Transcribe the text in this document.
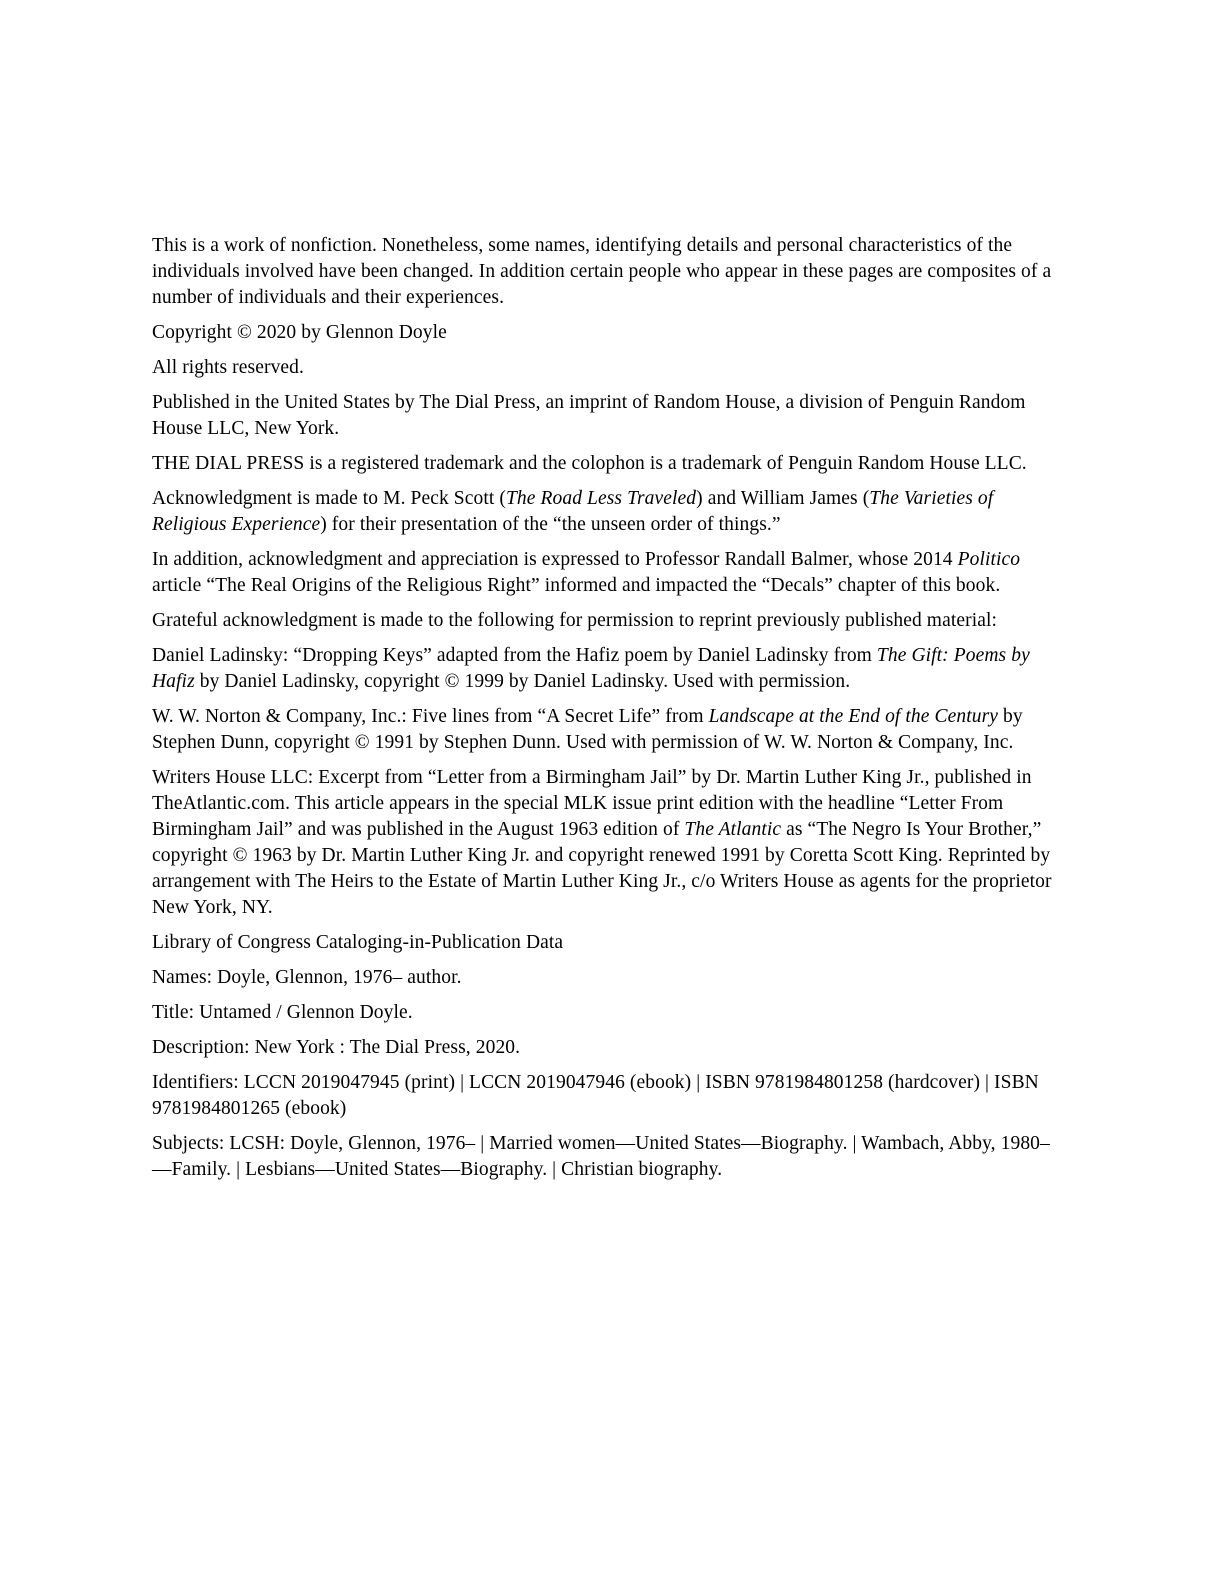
This is a work of nonfiction. Nonetheless, some names, identifying details and personal characteristics of the individuals involved have been changed. In addition certain people who appear in these pages are composites of a number of individuals and their experiences.

Copyright © 2020 by Glennon Doyle

All rights reserved.

Published in the United States by The Dial Press, an imprint of Random House, a division of Penguin Random House LLC, New York.

THE DIAL PRESS is a registered trademark and the colophon is a trademark of Penguin Random House LLC.

Acknowledgment is made to M. Peck Scott (The Road Less Traveled) and William James (The Varieties of Religious Experience) for their presentation of the “the unseen order of things.”

In addition, acknowledgment and appreciation is expressed to Professor Randall Balmer, whose 2014 Politico article “The Real Origins of the Religious Right” informed and impacted the “Decals” chapter of this book.

Grateful acknowledgment is made to the following for permission to reprint previously published material:

Daniel Ladinsky: “Dropping Keys” adapted from the Hafiz poem by Daniel Ladinsky from The Gift: Poems by Hafiz by Daniel Ladinsky, copyright © 1999 by Daniel Ladinsky. Used with permission.

W. W. Norton & Company, Inc.: Five lines from “A Secret Life” from Landscape at the End of the Century by Stephen Dunn, copyright © 1991 by Stephen Dunn. Used with permission of W. W. Norton & Company, Inc.

Writers House LLC: Excerpt from “Letter from a Birmingham Jail” by Dr. Martin Luther King Jr., published in TheAtlantic.com. This article appears in the special MLK issue print edition with the headline “Letter From Birmingham Jail” and was published in the August 1963 edition of The Atlantic as “The Negro Is Your Brother,” copyright © 1963 by Dr. Martin Luther King Jr. and copyright renewed 1991 by Coretta Scott King. Reprinted by arrangement with The Heirs to the Estate of Martin Luther King Jr., c/o Writers House as agents for the proprietor New York, NY.

Library of Congress Cataloging-in-Publication Data

Names: Doyle, Glennon, 1976– author.

Title: Untamed / Glennon Doyle.

Description: New York : The Dial Press, 2020.

Identifiers: LCCN 2019047945 (print) | LCCN 2019047946 (ebook) | ISBN 9781984801258 (hardcover) | ISBN 9781984801265 (ebook)

Subjects: LCSH: Doyle, Glennon, 1976– | Married women—United States—Biography. | Wambach, Abby, 1980– —Family. | Lesbians—United States—Biography. | Christian biography.
